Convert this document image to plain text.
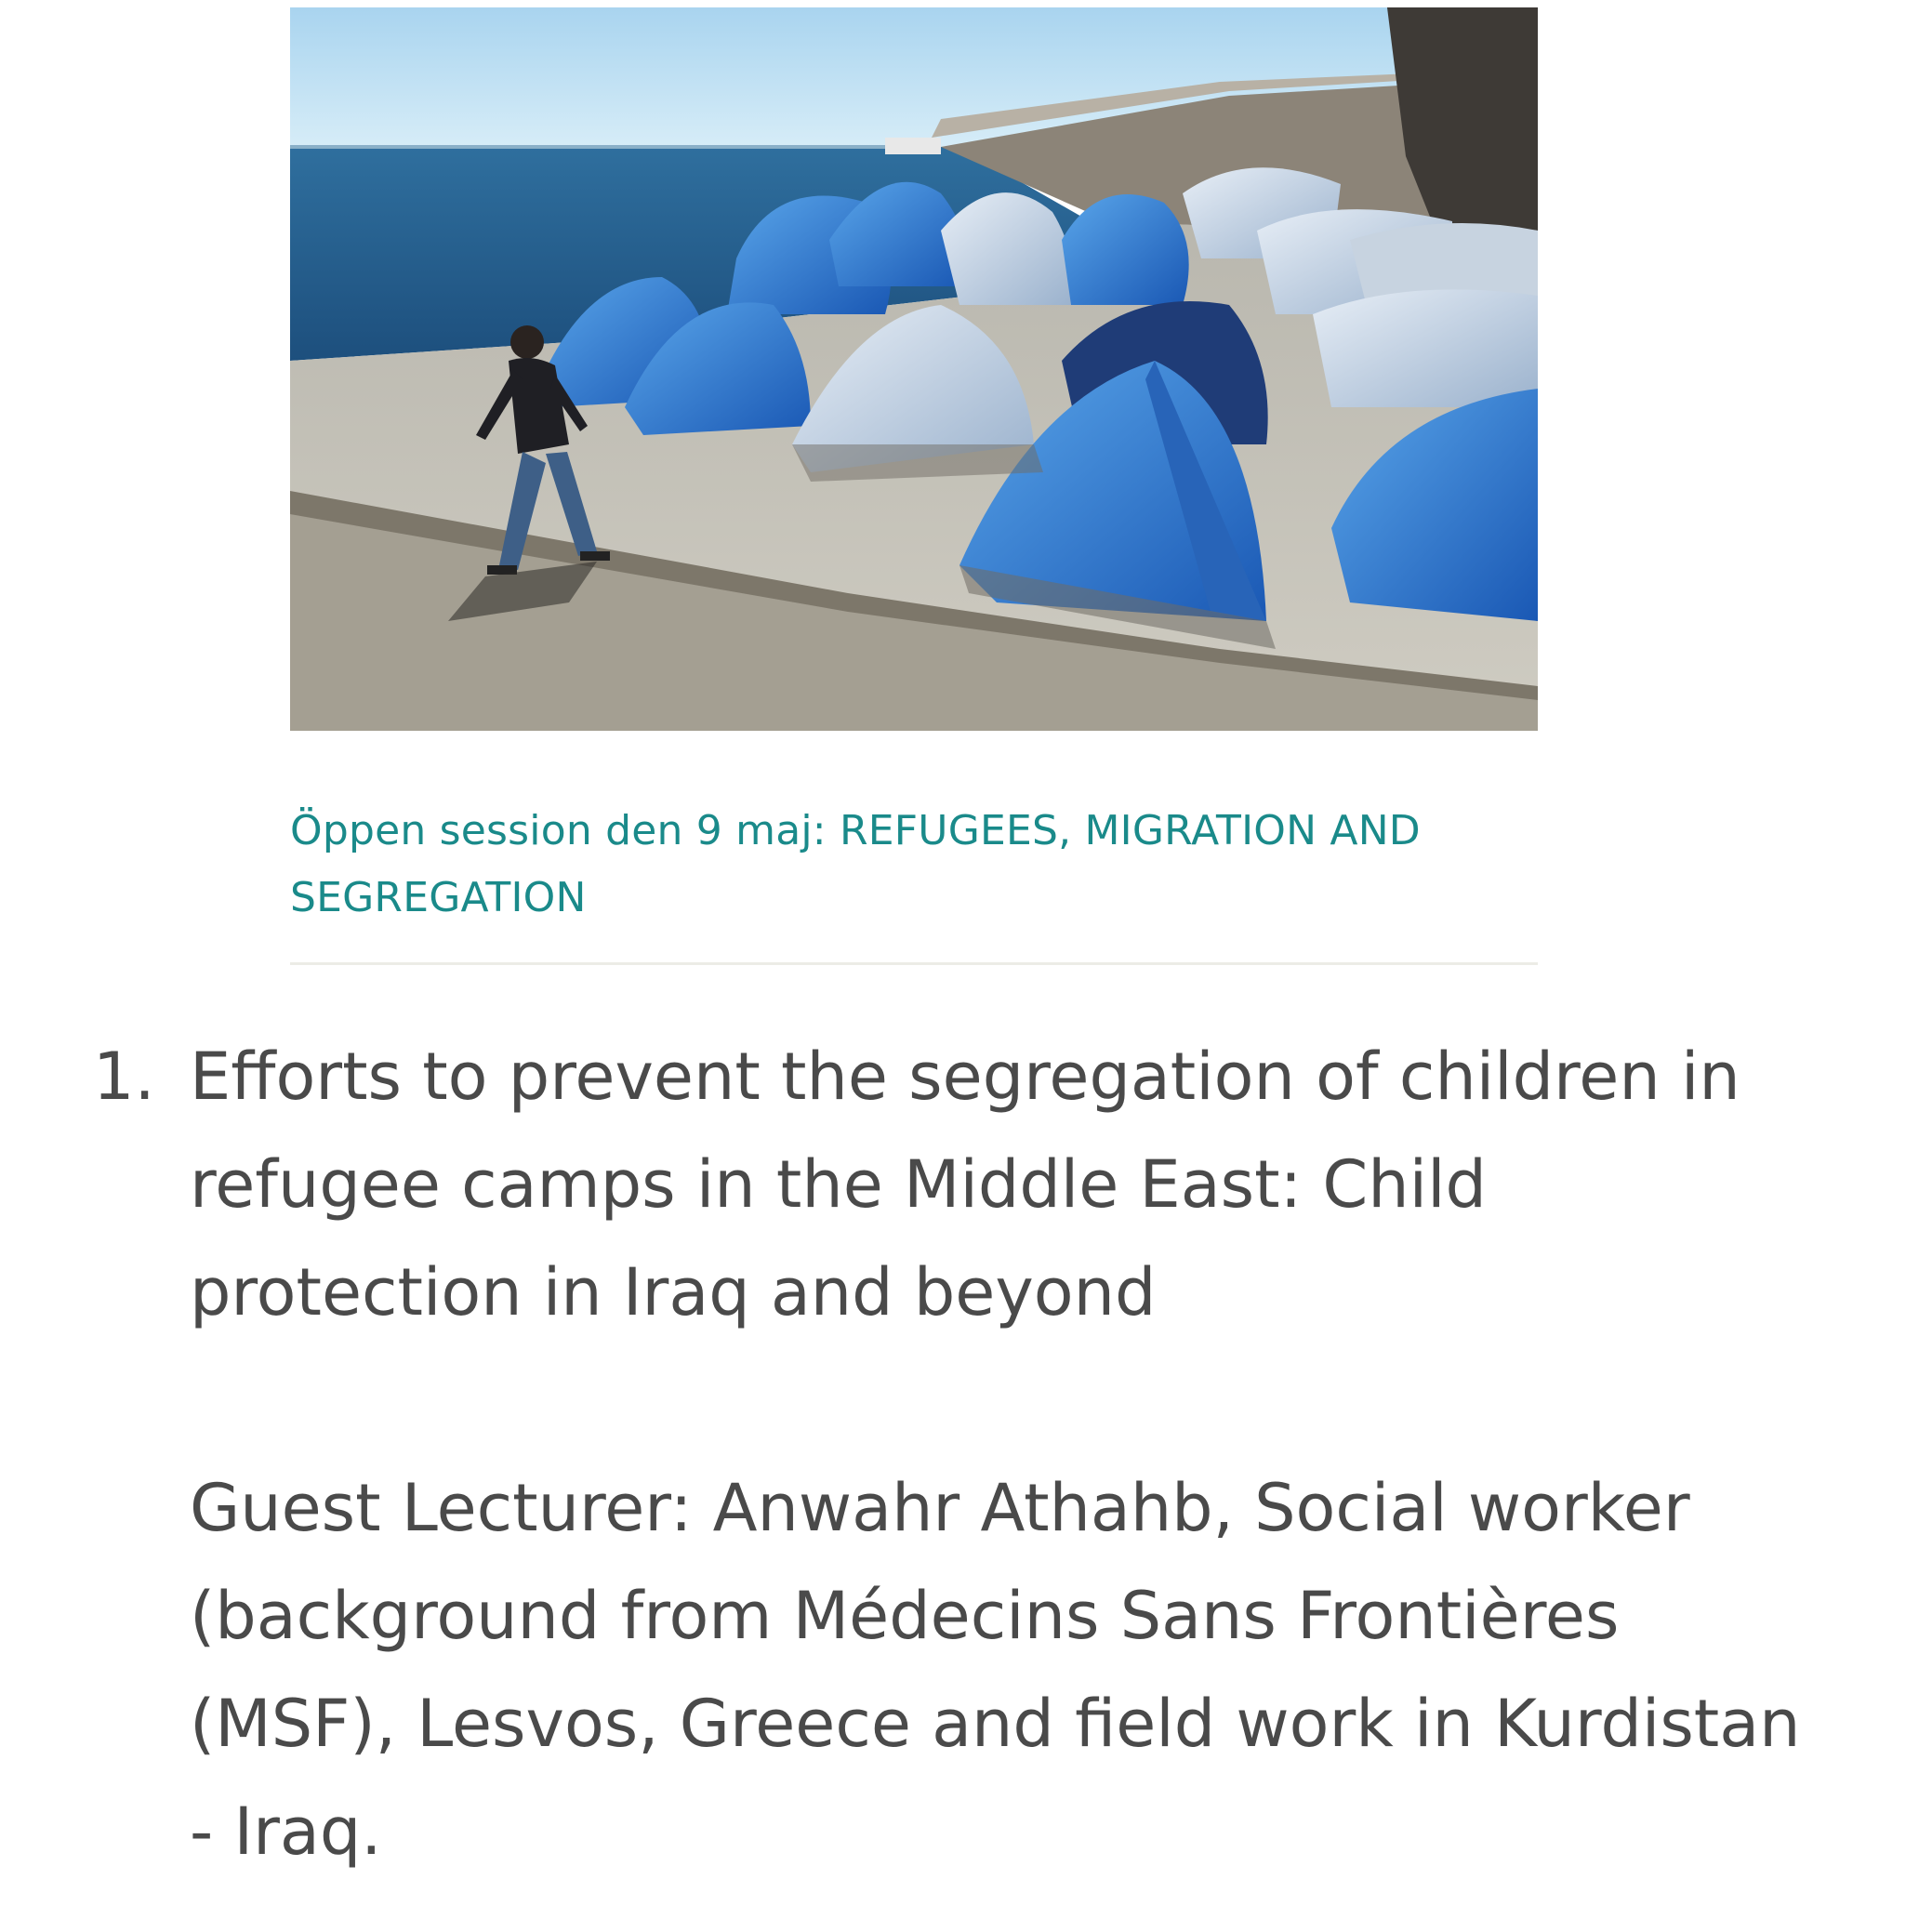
Öppen session den 9 maj: REFUGEES, MIGRATION AND SEGREGATION

1. Efforts to prevent the segregation of children in refugee camps in the Middle East: Child protection in Iraq and beyond
Guest Lecturer: Anwahr Athahb, Social worker (background from Médecins Sans Frontières (MSF), Lesvos, Greece and field work in Kurdistan - Iraq.
